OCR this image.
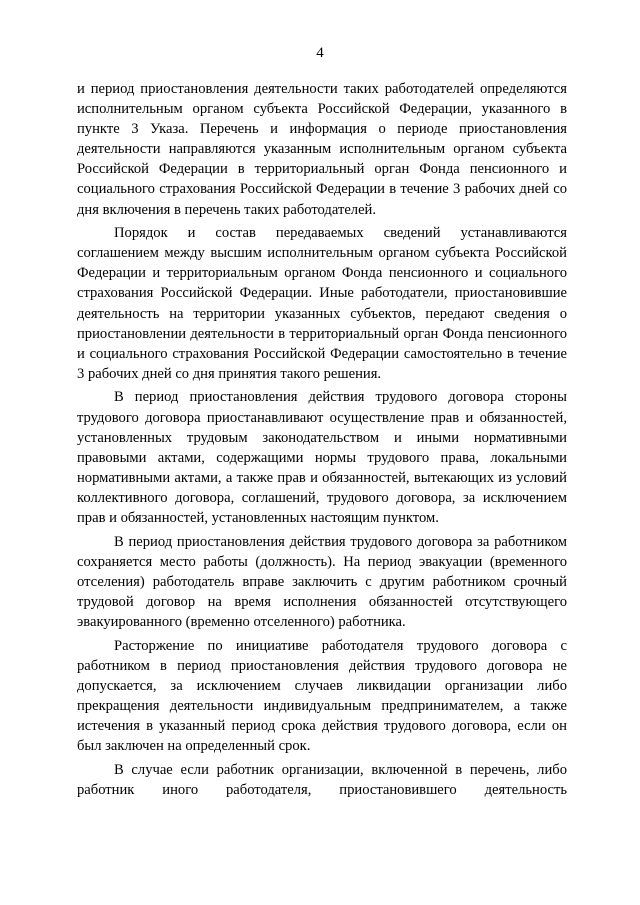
4

и период приостановления деятельности таких работодателей определяются исполнительным органом субъекта Российской Федерации, указанного в пункте 3 Указа. Перечень и информация о периоде приостановления деятельности направляются указанным исполнительным органом субъекта Российской Федерации в территориальный орган Фонда пенсионного и социального страхования Российской Федерации в течение 3 рабочих дней со дня включения в перечень таких работодателей.

Порядок и состав передаваемых сведений устанавливаются соглашением между высшим исполнительным органом субъекта Российской Федерации и территориальным органом Фонда пенсионного и социального страхования Российской Федерации. Иные работодатели, приостановившие деятельность на территории указанных субъектов, передают сведения о приостановлении деятельности в территориальный орган Фонда пенсионного и социального страхования Российской Федерации самостоятельно в течение 3 рабочих дней со дня принятия такого решения.

В период приостановления действия трудового договора стороны трудового договора приостанавливают осуществление прав и обязанностей, установленных трудовым законодательством и иными нормативными правовыми актами, содержащими нормы трудового права, локальными нормативными актами, а также прав и обязанностей, вытекающих из условий коллективного договора, соглашений, трудового договора, за исключением прав и обязанностей, установленных настоящим пунктом.

В период приостановления действия трудового договора за работником сохраняется место работы (должность). На период эвакуации (временного отселения) работодатель вправе заключить с другим работником срочный трудовой договор на время исполнения обязанностей отсутствующего эвакуированного (временно отселенного) работника.

Расторжение по инициативе работодателя трудового договора с работником в период приостановления действия трудового договора не допускается, за исключением случаев ликвидации организации либо прекращения деятельности индивидуальным предпринимателем, а также истечения в указанный период срока действия трудового договора, если он был заключен на определенный срок.

В случае если работник организации, включенной в перечень, либо работник иного работодателя, приостановившего деятельность
